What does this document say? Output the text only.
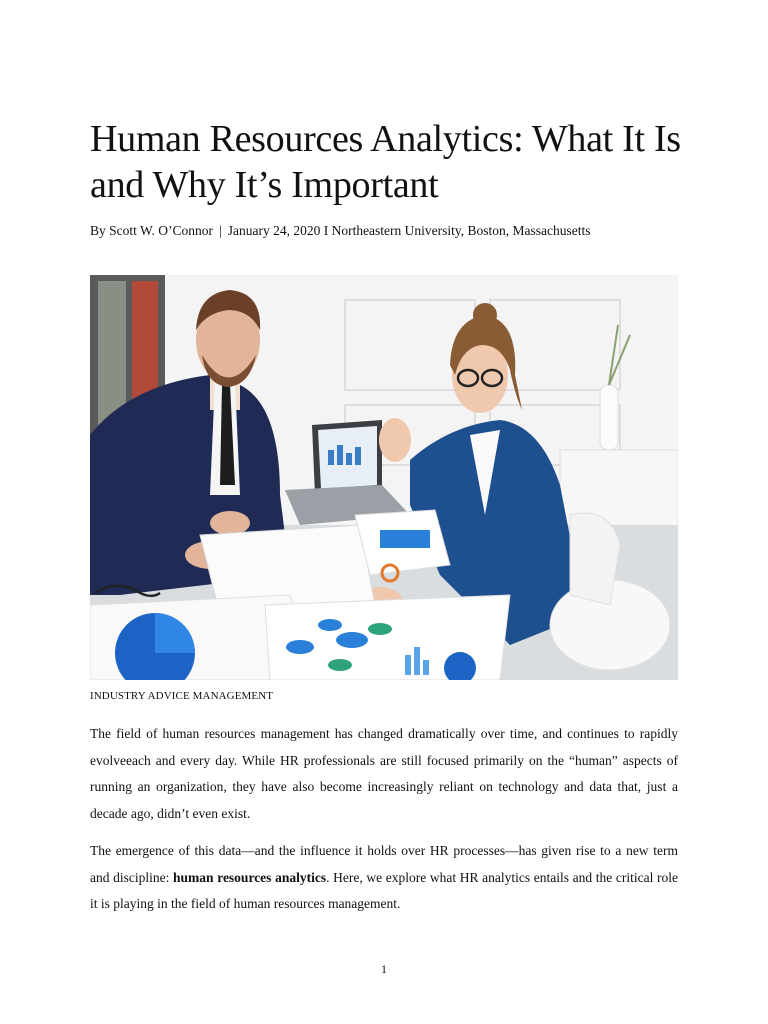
Human Resources Analytics: What It Is and Why It’s Important
By Scott W. O’Connor | January 24, 2020 I Northeastern University, Boston, Massachusetts
INDUSTRY ADVICE MANAGEMENT

The field of human resources management has changed dramatically over time, and continues to rapidly evolveeach and every day. While HR professionals are still focused primarily on the “human” aspects of running an organization, they have also become increasingly reliant on technology and data that, just a decade ago, didn’t even exist.

The emergence of this data—and the influence it holds over HR processes—has given rise to a new term and discipline: human resources analytics. Here, we explore what HR analytics entails and the critical role it is playing in the field of human resources management.

1
